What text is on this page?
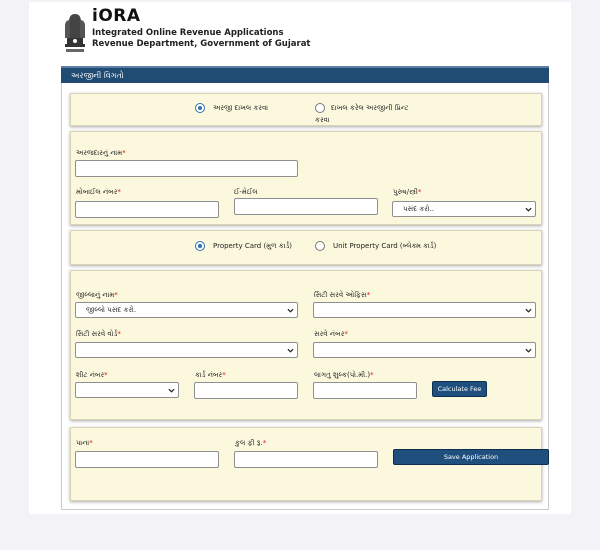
iORA
Integrated Online Revenue Applications
Revenue Department, Government of Gujarat
અરજીની વિગતો
અરજી દાખલ કરવા	દાખલ કરેલ અરજીની પ્રિન્ટ કરવા
અરજદારનું નામ*
મોબાઈલ નંબર*	ઈ-મેઈલ	પુરુષ/સ્ત્રી*
પસંદ કરો..
Property Card (મુળ કાર્ડ)	Unit Property Card (બ્લેક્મ કાર્ડ)
જીલ્લાનું નામ*
જીલ્લો પસંદ કરો.
સિટી સરવે ઓફિસ*
સિટી સરવે વોર્ડ*	સરવે નંબર*
શીટ નંબર*	કાર્ડ નંબર*	લાગતુ શુલ્ક(પો.મી.)*
Calculate Fee
પાના*	કુલ ફી રૂ.*
Save Application
